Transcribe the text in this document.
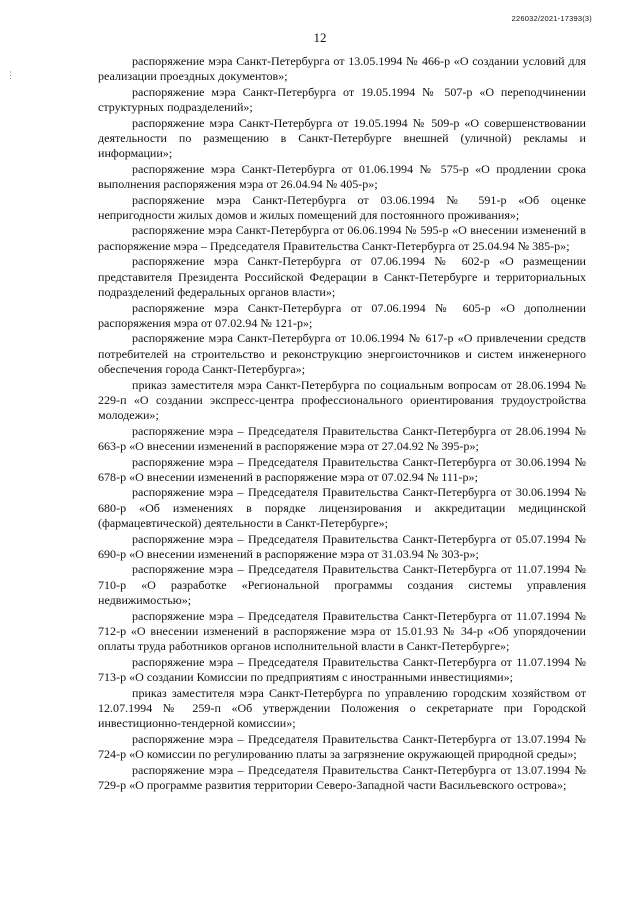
226032/2021-17393(3)
12
⋮

распоряжение мэра Санкт-Петербурга от 13.05.1994 № 466-р «О создании условий для реализации проездных документов»;

распоряжение мэра Санкт-Петербурга от 19.05.1994 № 507-р «О переподчинении структурных подразделений»;

распоряжение мэра Санкт-Петербурга от 19.05.1994 № 509-р «О совершенствовании деятельности по размещению в Санкт-Петербурге внешней (уличной) рекламы и информации»;

распоряжение мэра Санкт-Петербурга от 01.06.1994 № 575-р «О продлении срока выполнения распоряжения мэра от 26.04.94 № 405-р»;

распоряжение мэра Санкт-Петербурга от 03.06.1994 № 591-р «Об оценке непригодности жилых домов и жилых помещений для постоянного проживания»;

распоряжение мэра Санкт-Петербурга от 06.06.1994 № 595-р «О внесении изменений в распоряжение мэра – Председателя Правительства Санкт-Петербурга от 25.04.94 № 385-р»;

распоряжение мэра Санкт-Петербурга от 07.06.1994 № 602-р «О размещении представителя Президента Российской Федерации в Санкт-Петербурге и территориальных подразделений федеральных органов власти»;

распоряжение мэра Санкт-Петербурга от 07.06.1994 № 605-р «О дополнении распоряжения мэра от 07.02.94 № 121-р»;

распоряжение мэра Санкт-Петербурга от 10.06.1994 № 617-р «О привлечении средств потребителей на строительство и реконструкцию энергоисточников и систем инженерного обеспечения города Санкт-Петербурга»;

приказ заместителя мэра Санкт-Петербурга по социальным вопросам от 28.06.1994 № 229-п «О создании экспресс-центра профессионального ориентирования трудоустройства молодежи»;

распоряжение мэра – Председателя Правительства Санкт-Петербурга от 28.06.1994 № 663-р «О внесении изменений в распоряжение мэра от 27.04.92 № 395-р»;

распоряжение мэра – Председателя Правительства Санкт-Петербурга от 30.06.1994 № 678-р «О внесении изменений в распоряжение мэра от 07.02.94 № 111-р»;

распоряжение мэра – Председателя Правительства Санкт-Петербурга от 30.06.1994 № 680-р «Об изменениях в порядке лицензирования и аккредитации медицинской (фармацевтической) деятельности в Санкт-Петербурге»;

распоряжение мэра – Председателя Правительства Санкт-Петербурга от 05.07.1994 № 690-р «О внесении изменений в распоряжение мэра от 31.03.94 № 303-р»;

распоряжение мэра – Председателя Правительства Санкт-Петербурга от 11.07.1994 № 710-р «О разработке «Региональной программы создания системы управления недвижимостью»;

распоряжение мэра – Председателя Правительства Санкт-Петербурга от 11.07.1994 № 712-р «О внесении изменений в распоряжение мэра от 15.01.93 № 34-р «Об упорядочении оплаты труда работников органов исполнительной власти в Санкт-Петербурге»;

распоряжение мэра – Председателя Правительства Санкт-Петербурга от 11.07.1994 № 713-р «О создании Комиссии по предприятиям с иностранными инвестициями»;

приказ заместителя мэра Санкт-Петербурга по управлению городским хозяйством от 12.07.1994 № 259-п «Об утверждении Положения о секретариате при Городской инвестиционно-тендерной комиссии»;

распоряжение мэра – Председателя Правительства Санкт-Петербурга от 13.07.1994 № 724-р «О комиссии по регулированию платы за загрязнение окружающей природной среды»;

распоряжение мэра – Председателя Правительства Санкт-Петербурга от 13.07.1994 № 729-р «О программе развития территории Северо-Западной части Васильевского острова»;
